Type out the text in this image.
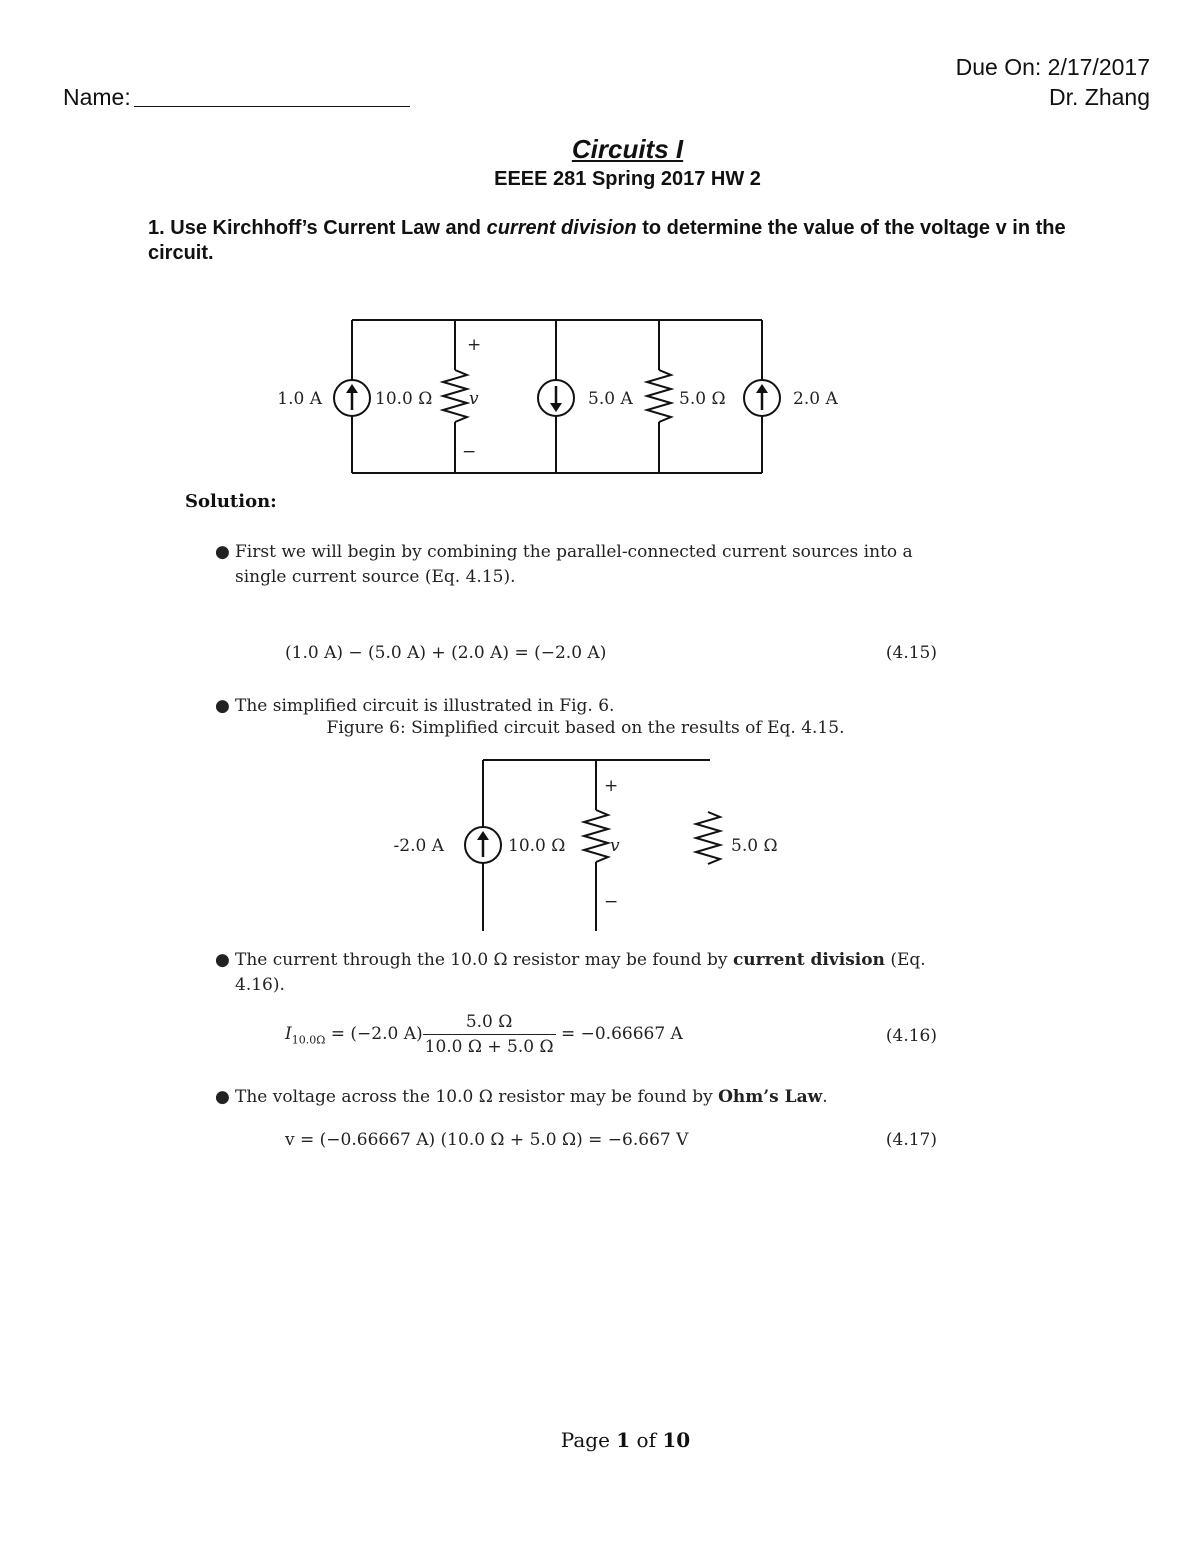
Due On: 2/17/2017
Dr. Zhang
Name:
Circuits I
EEEE 281 Spring 2017 HW 2
1. Use Kirchhoff’s Current Law and current division to determine the value of the voltage v in the circuit.
1.0 A	10.0 Ω
+
v
−
5.0 A	5.0 Ω	2.0 A
Solution:
● First we will begin by combining the parallel-connected current sources into a single current source (Eq. 4.15).
(1.0 A) − (5.0 A) + (2.0 A) = (−2.0 A)	(4.15)
● The simplified circuit is illustrated in Fig. 6.
Figure 6: Simplified circuit based on the results of Eq. 4.15.
-2.0 A	10.0 Ω
+
v
−
5.0 Ω
● The current through the 10.0 Ω resistor may be found by current division (Eq. 4.16).
$I_{10.0\Omega} = (-2.0$ $A) \frac{5.0 \Omega}{10.0 \Omega + 5.0 \Omega} = -0.66667$ A	(4.16)
● The voltage across the 10.0 Ω resistor may be found by Ohm’s Law.
v = (−0.66667 A) (10.0 Ω + 5.0 Ω) = −6.667 V	(4.17)
Page 1 of 10
